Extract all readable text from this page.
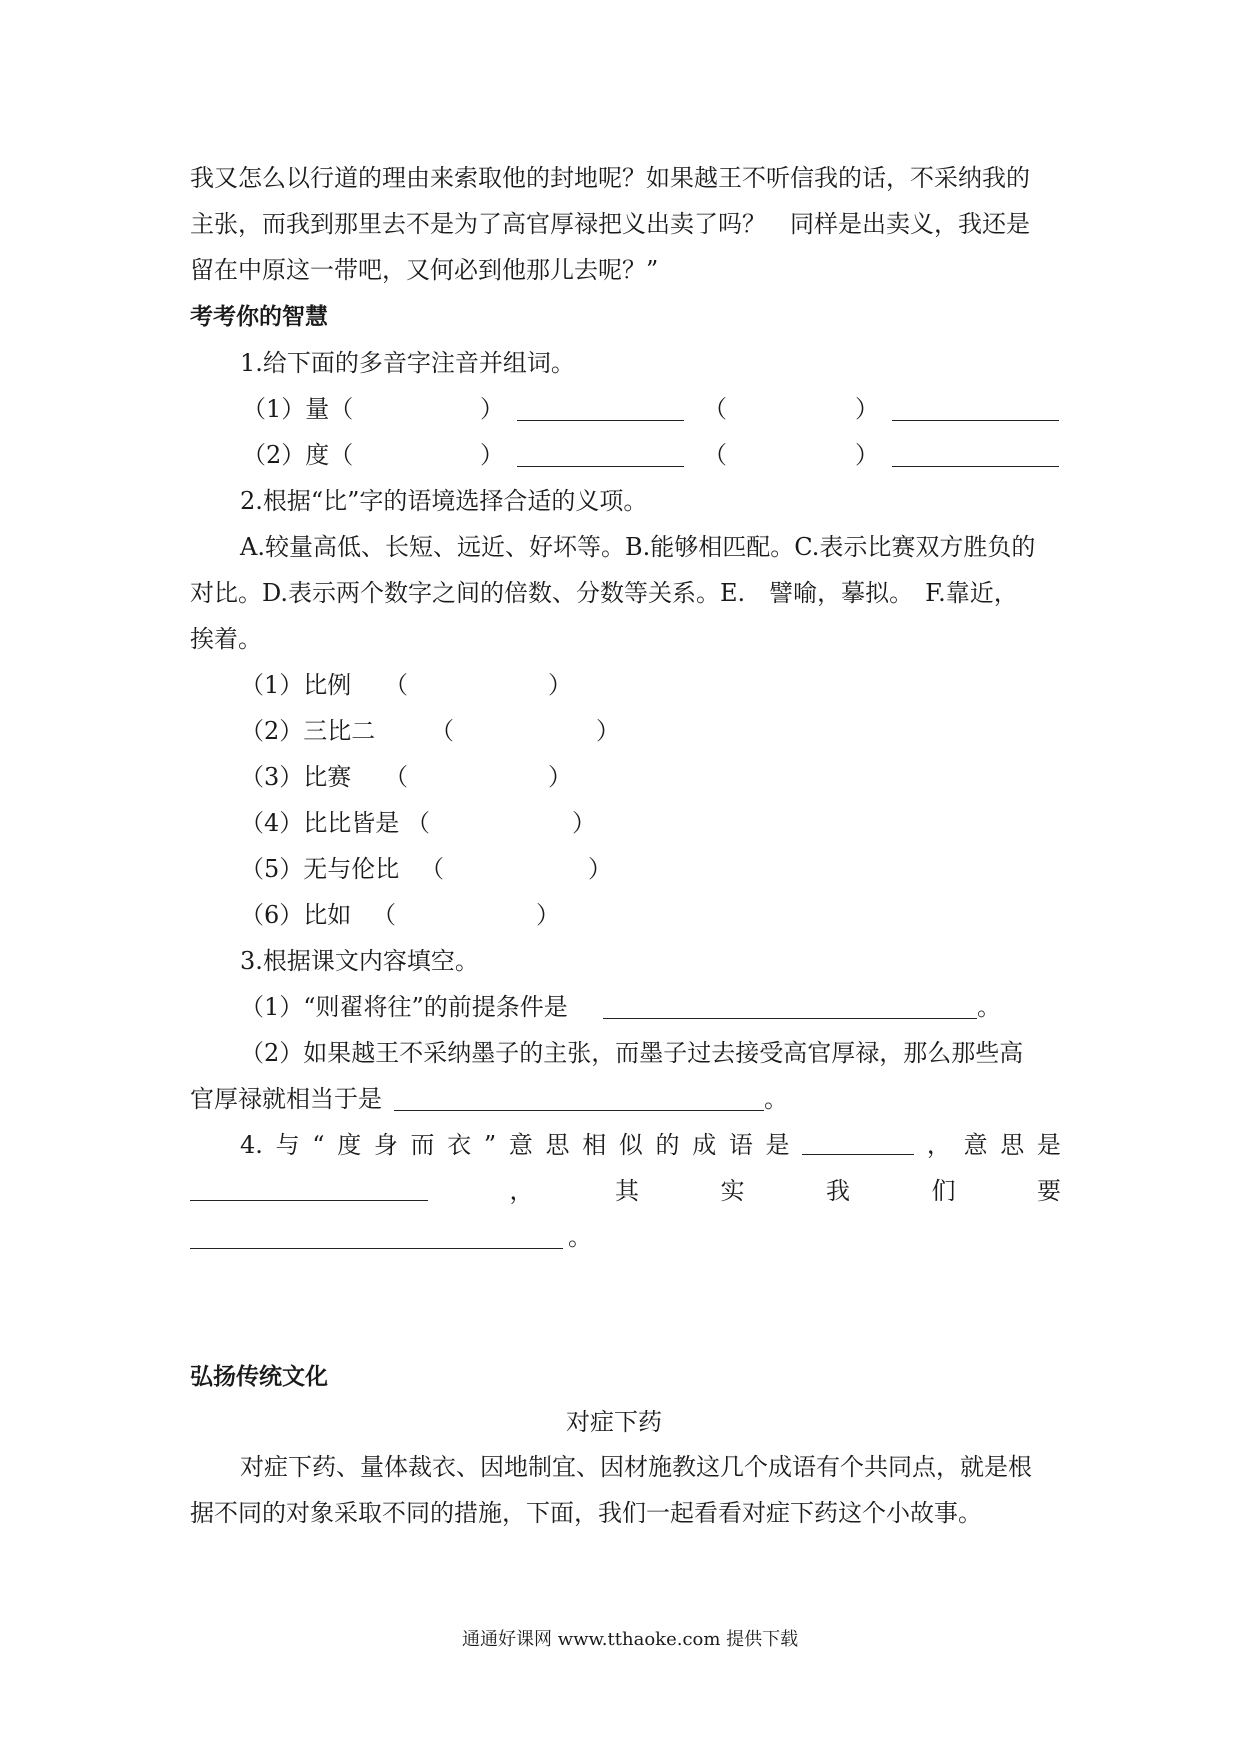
我又怎么以行道的理由来索取他的封地呢？如果越王不听信我的话，不采纳我的
主张，而我到那里去不是为了高官厚禄把义出卖了吗？　同样是出卖义，我还是
留在中原这一带吧，又何必到他那儿去呢？”
考考你的智慧
1.给下面的多音字注音并组词。
（1）量（	）	（	）
（2）度（	）	（	）
2.根据“比”字的语境选择合适的义项。
A.较量高低、长短、远近、好坏等。B.能够相匹配。C.表示比赛双方胜负的
对比。D.表示两个数字之间的倍数、分数等关系。E.　譬喻，摹拟。　F.靠近，
挨着。
（1）比例 （	）
（2）三比二 （	）
（3）比赛 （	）
（4）比比皆是 （	）
（5）无与伦比 （	）
（6）比如 （	）
3.根据课文内容填空。
（1）“则翟将往”的前提条件是	。
（2）如果越王不采纳墨子的主张，而墨子过去接受高官厚禄，那么那些高
官厚禄就相当于是	。
4. 与 “ 度 身 而 衣 ” 意 思 相 似 的 成 语 是	， 意 思 是
，	其	实	我	们	要
。
弘扬传统文化
对症下药
对症下药、量体裁衣、因地制宜、因材施教这几个成语有个共同点，就是根
据不同的对象采取不同的措施，下面，我们一起看看对症下药这个小故事。
通通好课网 www.tthaoke.com 提供下载
